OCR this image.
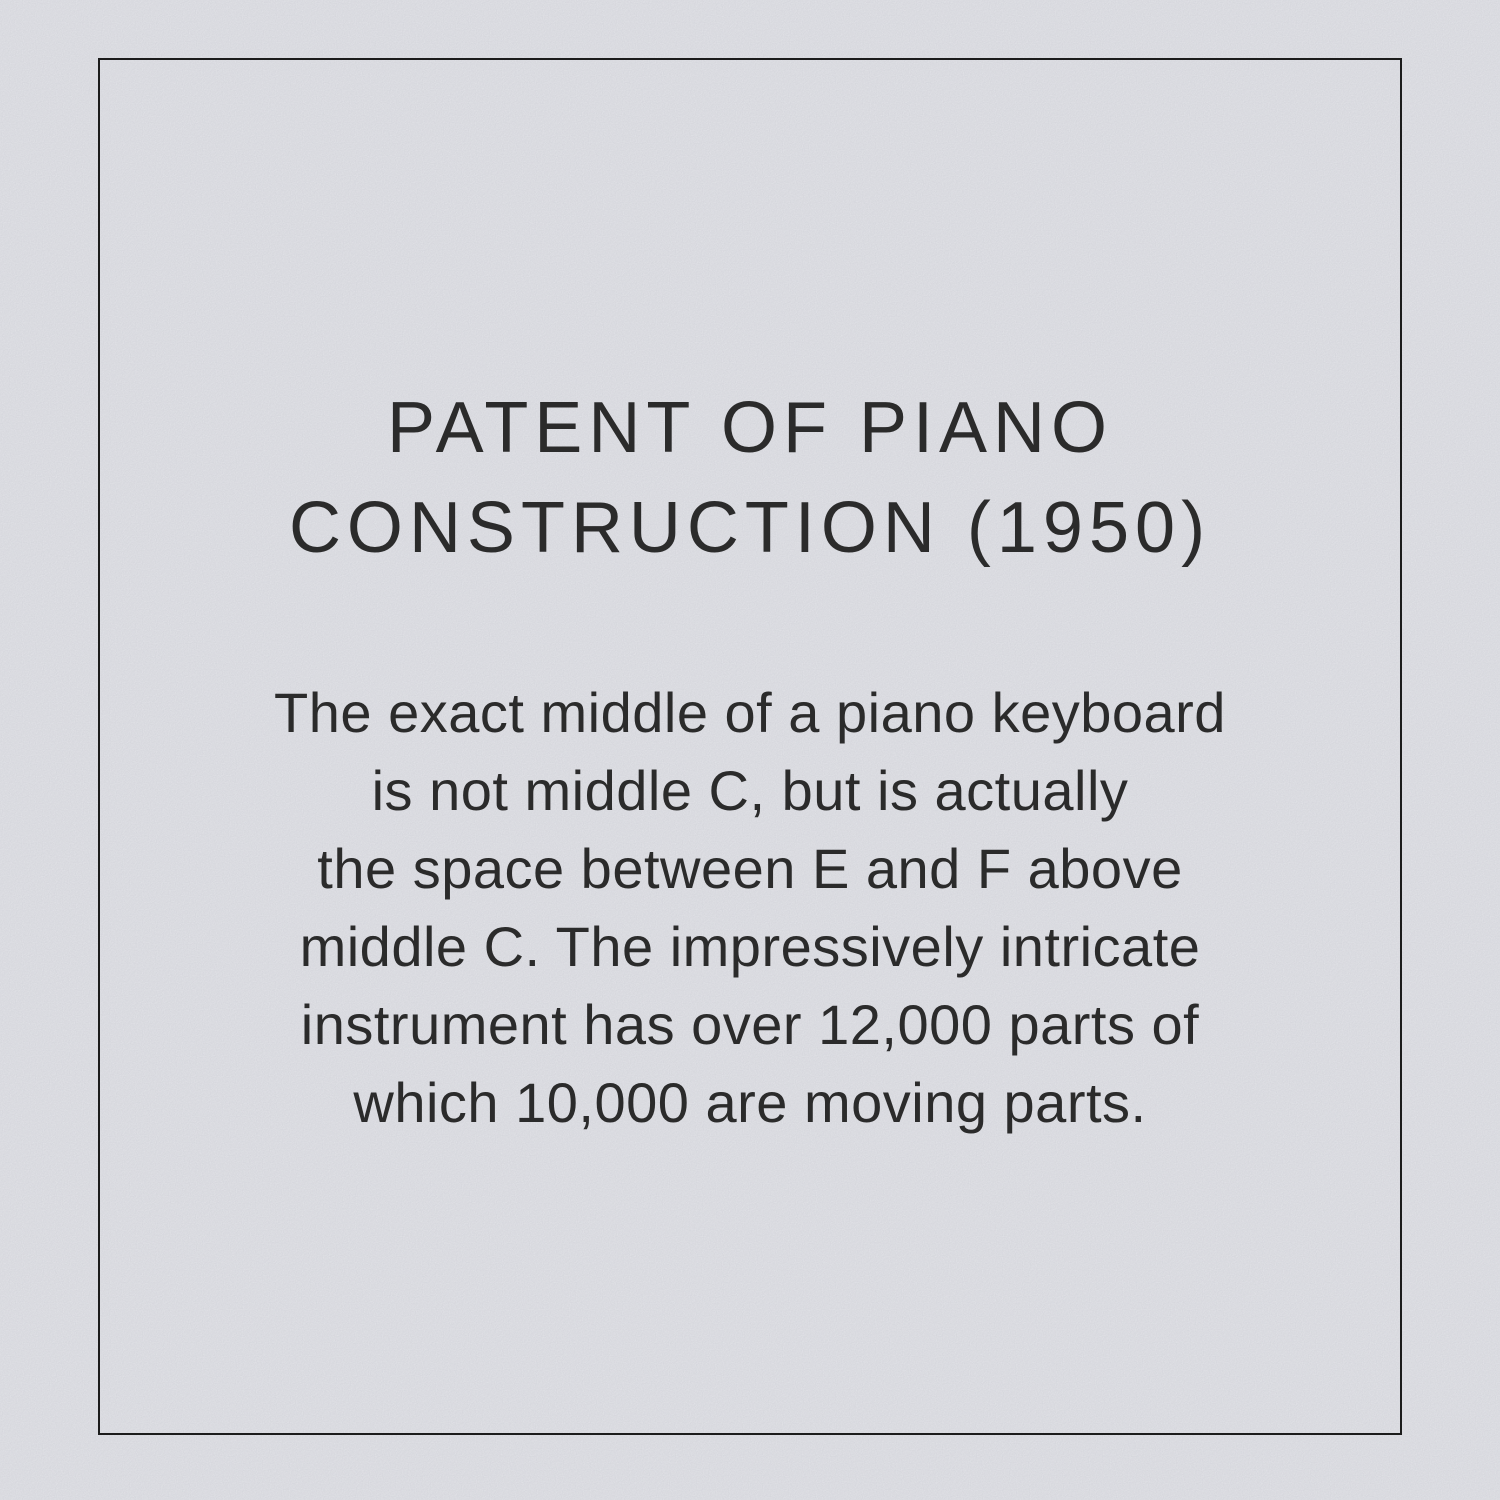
PATENT OF PIANO
CONSTRUCTION (1950)
The exact middle of a piano keyboard
is not middle C, but is actually
the space between E and F above
middle C. The impressively intricate
instrument has over 12,000 parts of
which 10,000 are moving parts.
